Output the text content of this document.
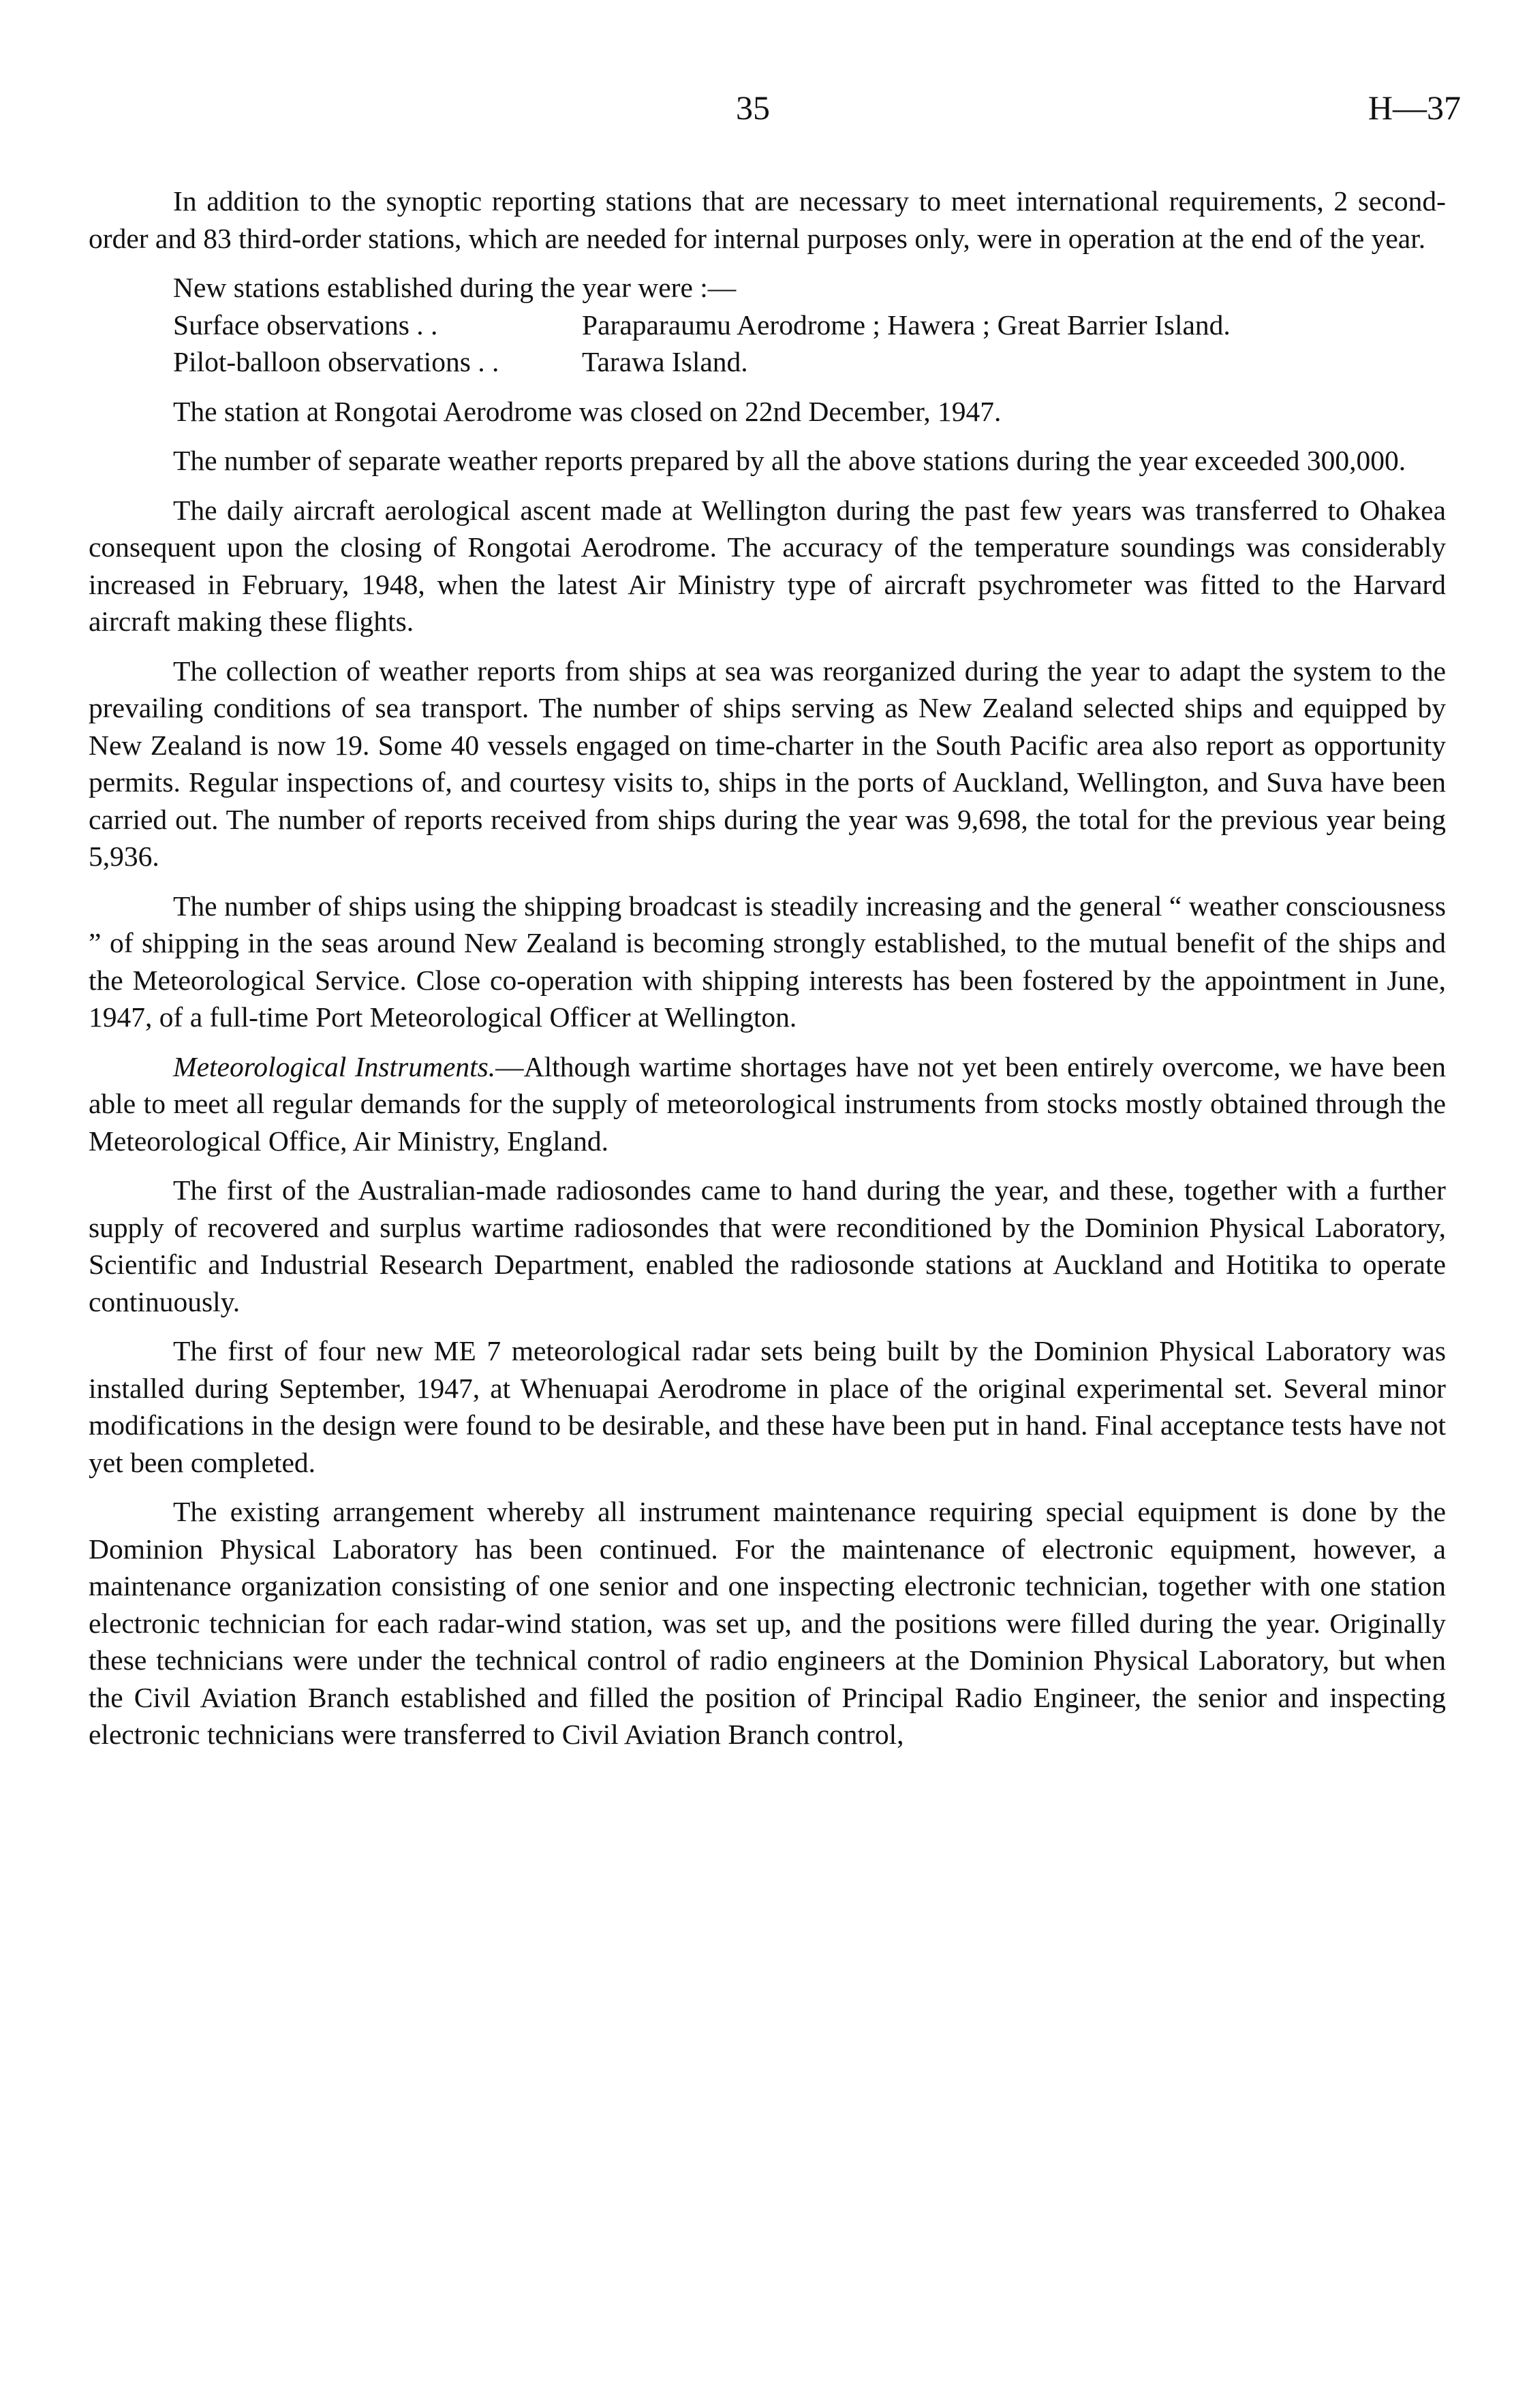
35	H—37

In addition to the synoptic reporting stations that are necessary to meet international requirements, 2 second-order and 83 third-order stations, which are needed for internal purposes only, were in operation at the end of the year.

New stations established during the year were :—

Surface observations . .	Paraparaumu Aerodrome ; Hawera ; Great Barrier Island.
Pilot-balloon observations . .	Tarawa Island.

The station at Rongotai Aerodrome was closed on 22nd December, 1947.

The number of separate weather reports prepared by all the above stations during the year exceeded 300,000.

The daily aircraft aerological ascent made at Wellington during the past few years was transferred to Ohakea consequent upon the closing of Rongotai Aerodrome. The accuracy of the temperature soundings was considerably increased in February, 1948, when the latest Air Ministry type of aircraft psychrometer was fitted to the Harvard aircraft making these flights.

The collection of weather reports from ships at sea was reorganized during the year to adapt the system to the prevailing conditions of sea transport. The number of ships serving as New Zealand selected ships and equipped by New Zealand is now 19. Some 40 vessels engaged on time-charter in the South Pacific area also report as opportunity permits. Regular inspections of, and courtesy visits to, ships in the ports of Auckland, Wellington, and Suva have been carried out. The number of reports received from ships during the year was 9,698, the total for the previous year being 5,936.

The number of ships using the shipping broadcast is steadily increasing and the general “ weather consciousness ” of shipping in the seas around New Zealand is becoming strongly established, to the mutual benefit of the ships and the Meteorological Service. Close co-operation with shipping interests has been fostered by the appointment in June, 1947, of a full-time Port Meteorological Officer at Wellington.

Meteorological Instruments.—Although wartime shortages have not yet been entirely overcome, we have been able to meet all regular demands for the supply of meteorological instruments from stocks mostly obtained through the Meteorological Office, Air Ministry, England.

The first of the Australian-made radiosondes came to hand during the year, and these, together with a further supply of recovered and surplus wartime radiosondes that were reconditioned by the Dominion Physical Laboratory, Scientific and Industrial Research Department, enabled the radiosonde stations at Auckland and Hotitika to operate continuously.

The first of four new ME 7 meteorological radar sets being built by the Dominion Physical Laboratory was installed during September, 1947, at Whenuapai Aerodrome in place of the original experimental set. Several minor modifications in the design were found to be desirable, and these have been put in hand. Final acceptance tests have not yet been completed.

The existing arrangement whereby all instrument maintenance requiring special equipment is done by the Dominion Physical Laboratory has been continued. For the maintenance of electronic equipment, however, a maintenance organization consisting of one senior and one inspecting electronic technician, together with one station electronic technician for each radar-wind station, was set up, and the positions were filled during the year. Originally these technicians were under the technical control of radio engineers at the Dominion Physical Laboratory, but when the Civil Aviation Branch established and filled the position of Principal Radio Engineer, the senior and inspecting electronic technicians were transferred to Civil Aviation Branch control,
